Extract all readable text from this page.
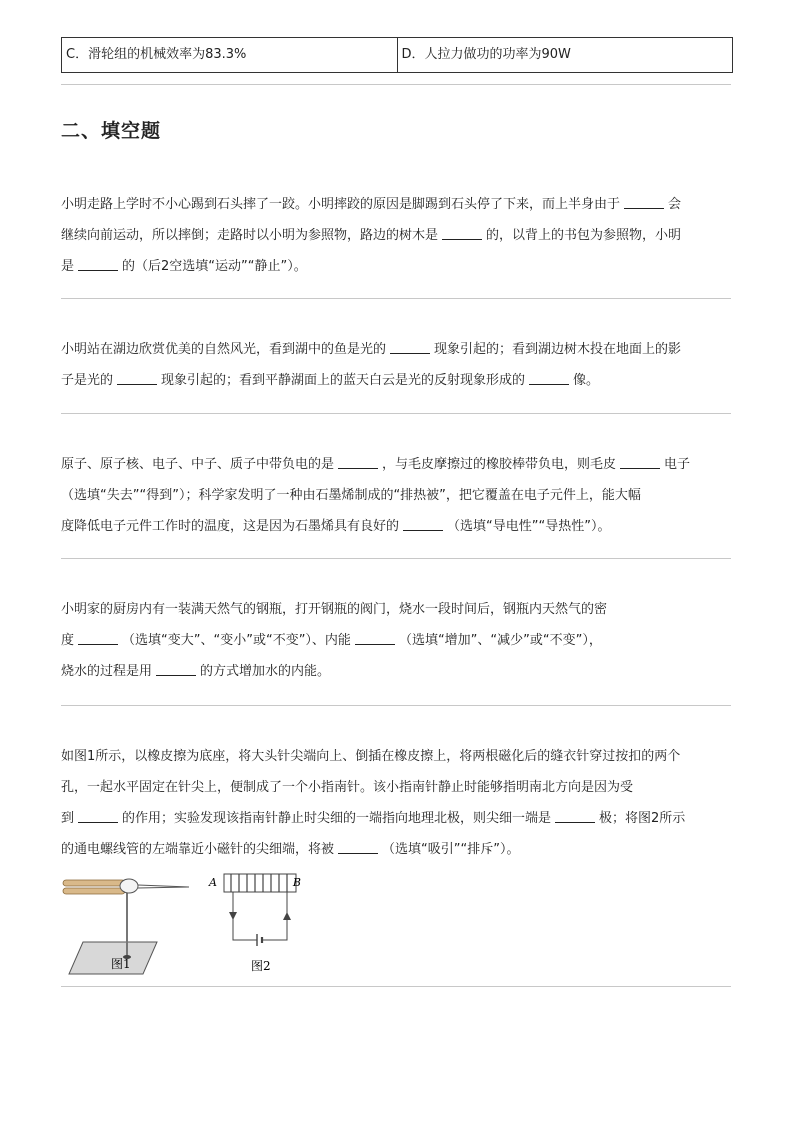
C．滑轮组的机械效率为83.3%	D．人拉力做功的功率为90W
二、填空题
小明走路上学时不小心踢到石头摔了一跤。小明摔跤的原因是脚踢到石头停了下来，而上半身由于	会
继续向前运动，所以摔倒；走路时以小明为参照物，路边的树木是	的，以背上的书包为参照物，小明
是	的（后2空选填“运动”“静止”）。
小明站在湖边欣赏优美的自然风光，看到湖中的鱼是光的	现象引起的；看到湖边树木投在地面上的影
子是光的	现象引起的；看到平静湖面上的蓝天白云是光的反射现象形成的	像。
原子、原子核、电子、中子、质子中带负电的是	，与毛皮摩擦过的橡胶棒带负电，则毛皮	电子
（选填“失去”“得到”）；科学家发明了一种由石墨烯制成的“排热被”，把它覆盖在电子元件上，能大幅
度降低电子元件工作时的温度，这是因为石墨烯具有良好的	（选填“导电性”“导热性”）。
小明家的厨房内有一装满天然气的钢瓶，打开钢瓶的阀门，烧水一段时间后，钢瓶内天然气的密
度	（选填“变大”、“变小”或“不变”）、内能	（选填“增加”、“减少”或“不变”），
烧水的过程是用	的方式增加水的内能。
如图1所示，以橡皮擦为底座，将大头针尖端向上、倒插在橡皮擦上，将两根磁化后的缝衣针穿过按扣的两个
孔，一起水平固定在针尖上，便制成了一个小指南针。该小指南针静止时能够指明南北方向是因为受
到	的作用；实验发现该指南针静止时尖细的一端指向地理北极，则尖细一端是	极；将图2所示
的通电螺线管的左端靠近小磁针的尖细端，将被	（选填“吸引”“排斥”）。
图1
A	B
图2
